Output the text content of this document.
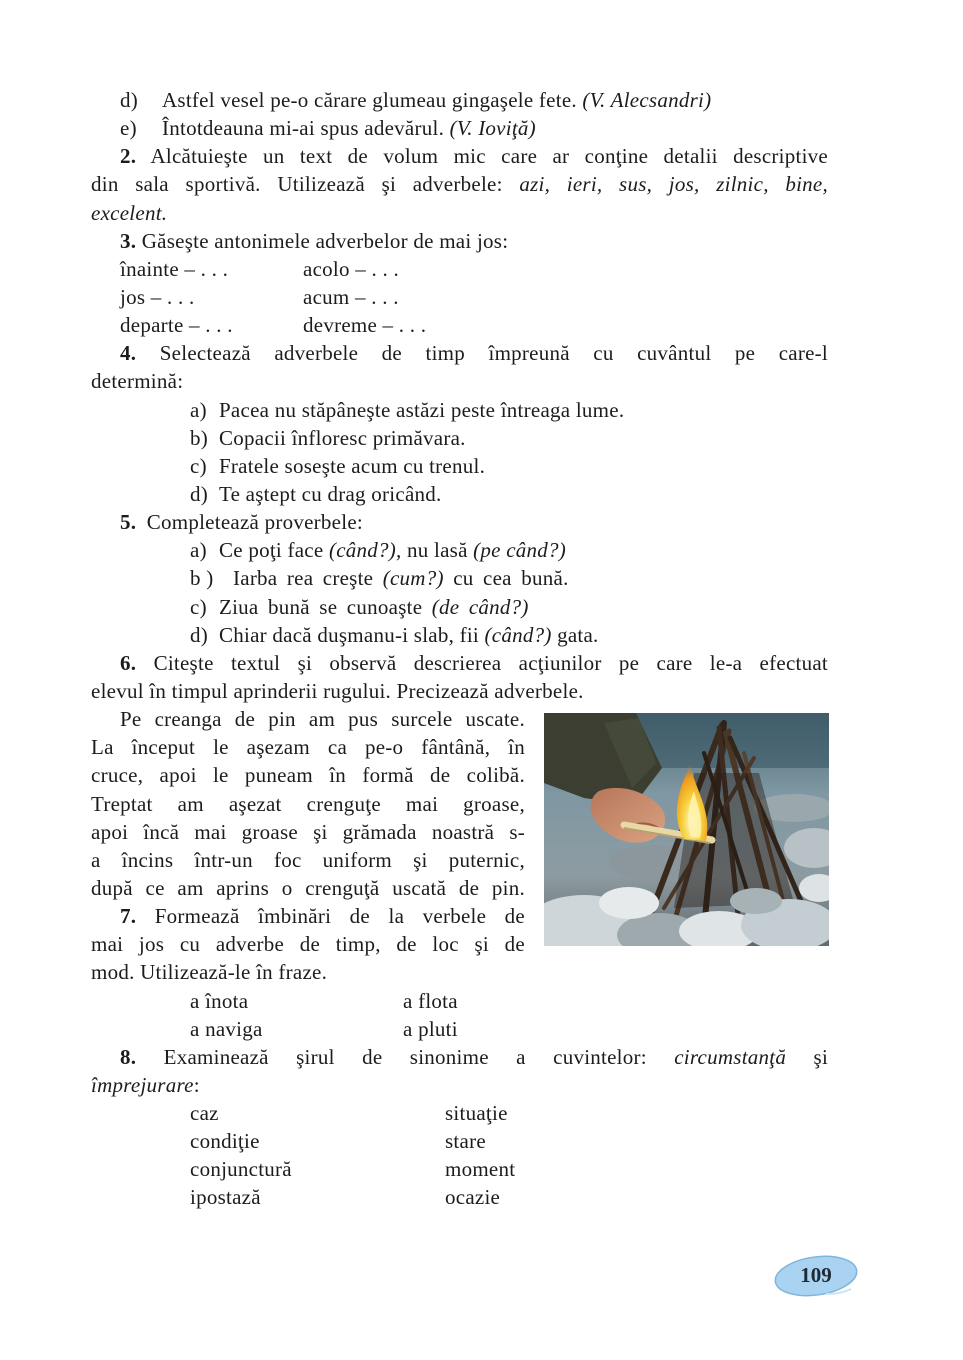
d) Astfel vesel pe-o cărare glumeau gingaşele fete. (V. Alecsandri)
e) Întotdeauna mi-ai spus adevărul. (V. Ioviţă)
2. Alcătuieşte un text de volum mic care ar conţine detalii descriptive
din sala sportivă. Utilizează şi adverbele: azi, ieri, sus, jos, zilnic, bine,
excelent.
3. Găseşte antonimele adverbelor de mai jos:
înainte – . . .	acolo – . . .
jos – . . .	acum – . . .
departe – . . .	devreme – . . .
4. Selectează adverbele de timp împreună cu cuvântul pe care-l
determină:
a) Pacea nu stăpâneşte astăzi peste întreaga lume.
b) Copacii înfloresc primăvara.
c) Fratele soseşte acum cu trenul.
d) Te aştept cu drag oricând.
5. Completează proverbele:
a) Ce poţi face (când?), nu lasă (pe când?)
b ) Iarba rea creşte (cum?) cu cea bună.
c) Ziua bună se cunoaşte (de când?)
d) Chiar dacă duşmanu-i slab, fii (când?) gata.
6. Citeşte textul şi observă descrierea acţiunilor pe care le-a efectuat
elevul în timpul aprinderii rugului. Precizează adverbele.
Pe creanga de pin am pus surcele uscate.
La început le aşezam ca pe-o fântână, în
cruce, apoi le puneam în formă de colibă.
Treptat am aşezat crenguţe mai groase,
apoi încă mai groase şi grămada noastră s-
a încins într-un foc uniform şi puternic,
după ce am aprins o crenguţă uscată de pin.
7. Formează îmbinări de la verbele de
mai jos cu adverbe de timp, de loc şi de
mod. Utilizează-le în fraze.
a înota	a flota
a naviga	a pluti
8. Examinează şirul de sinonime a cuvintelor: circumstanţă şi
împrejurare:
caz	situaţie
condiţie	stare
conjunctură	moment
ipostază	ocazie
109
